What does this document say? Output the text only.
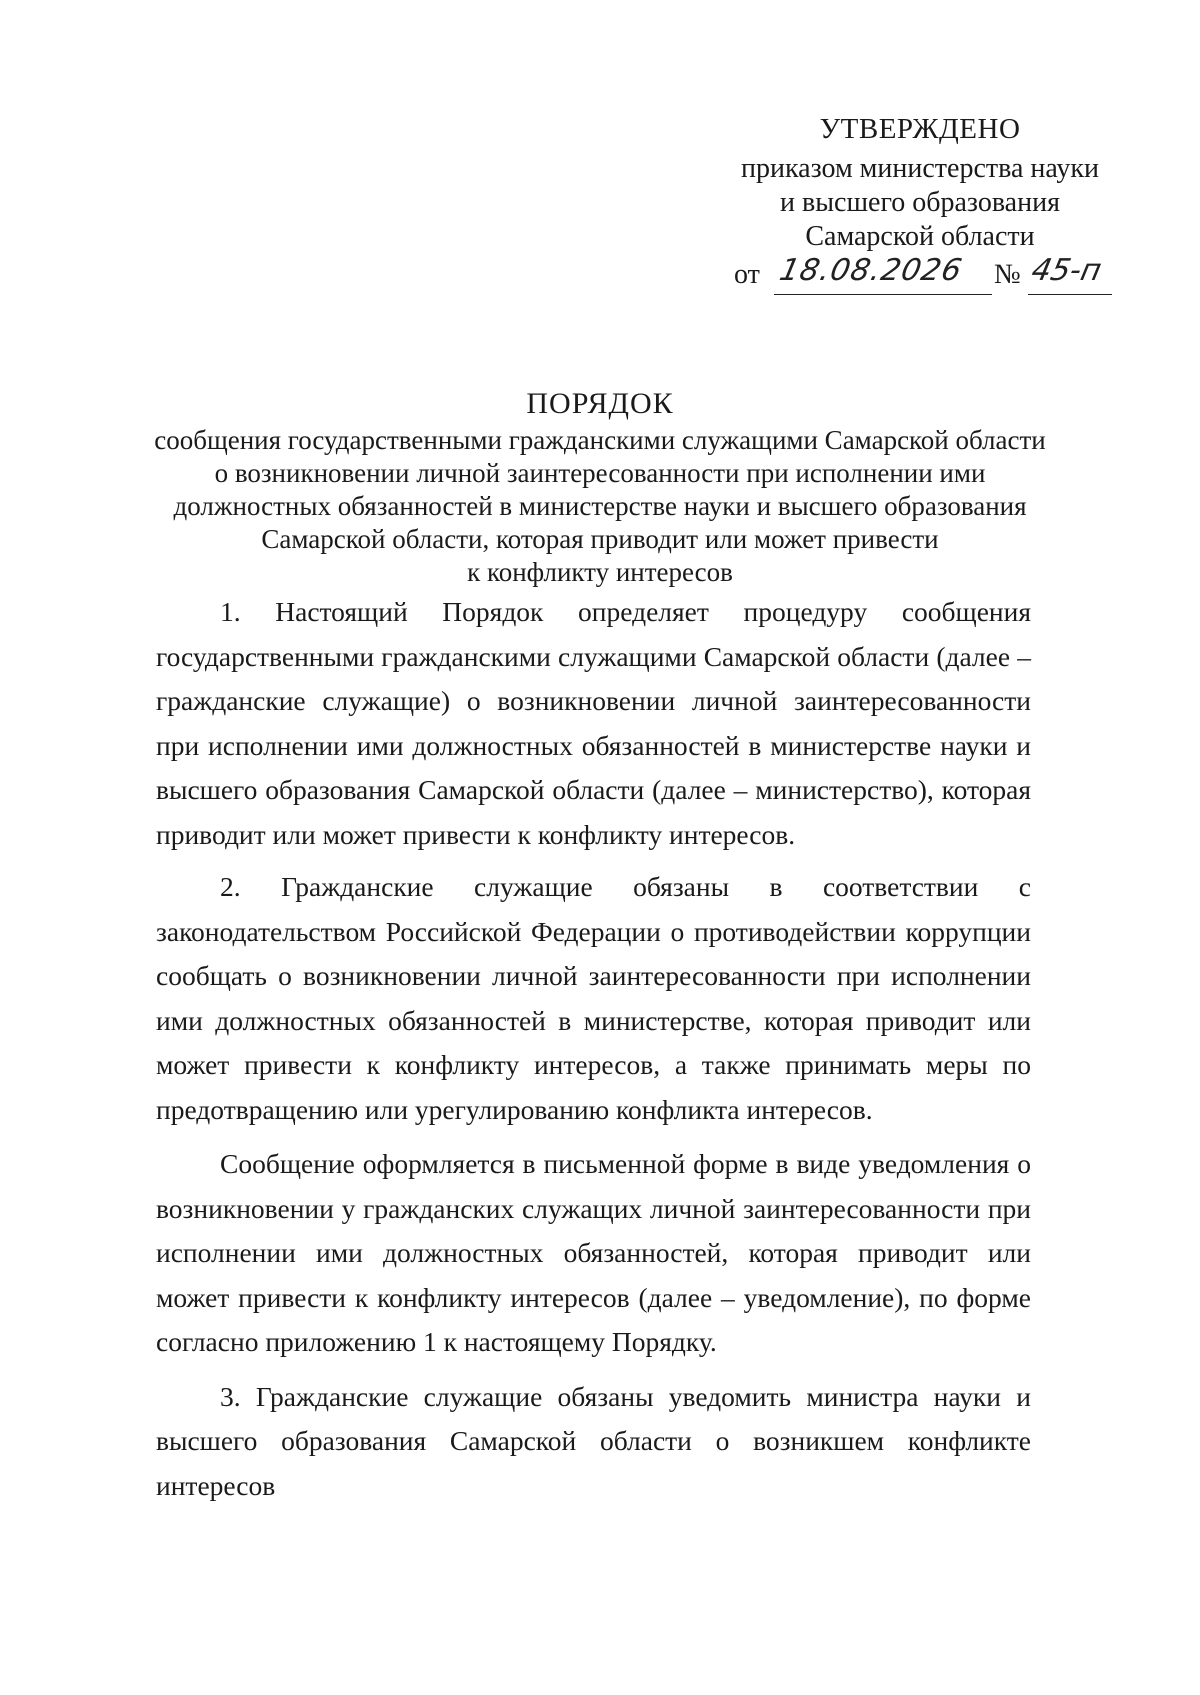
УТВЕРЖДЕНО
приказом министерства науки
и высшего образования
Самарской области
от 18.08.2026 № 45-п
ПОРЯДОК
сообщения государственными гражданскими служащими Самарской области
о возникновении личной заинтересованности при исполнении ими
должностных обязанностей в министерстве науки и высшего образования
Самарской области, которая приводит или может привести
к конфликту интересов

1. Настоящий Порядок определяет процедуру сообщения государственными гражданскими служащими Самарской области (далее – гражданские служащие) о возникновении личной заинтересованности при исполнении ими должностных обязанностей в министерстве науки и высшего образования Самарской области (далее – министерство), которая приводит или может привести к конфликту интересов.

2. Гражданские служащие обязаны в соответствии с законодательством Российской Федерации о противодействии коррупции сообщать о возникновении личной заинтересованности при исполнении ими должностных обязанностей в министерстве, которая приводит или может привести к конфликту интересов, а также принимать меры по предотвращению или урегулированию конфликта интересов.

Сообщение оформляется в письменной форме в виде уведомления о возникновении у гражданских служащих личной заинтересованности при исполнении ими должностных обязанностей, которая приводит или может привести к конфликту интересов (далее – уведомление), по форме согласно приложению 1 к настоящему Порядку.

3. Гражданские служащие обязаны уведомить министра науки и высшего образования Самарской области о возникшем конфликте интересов
